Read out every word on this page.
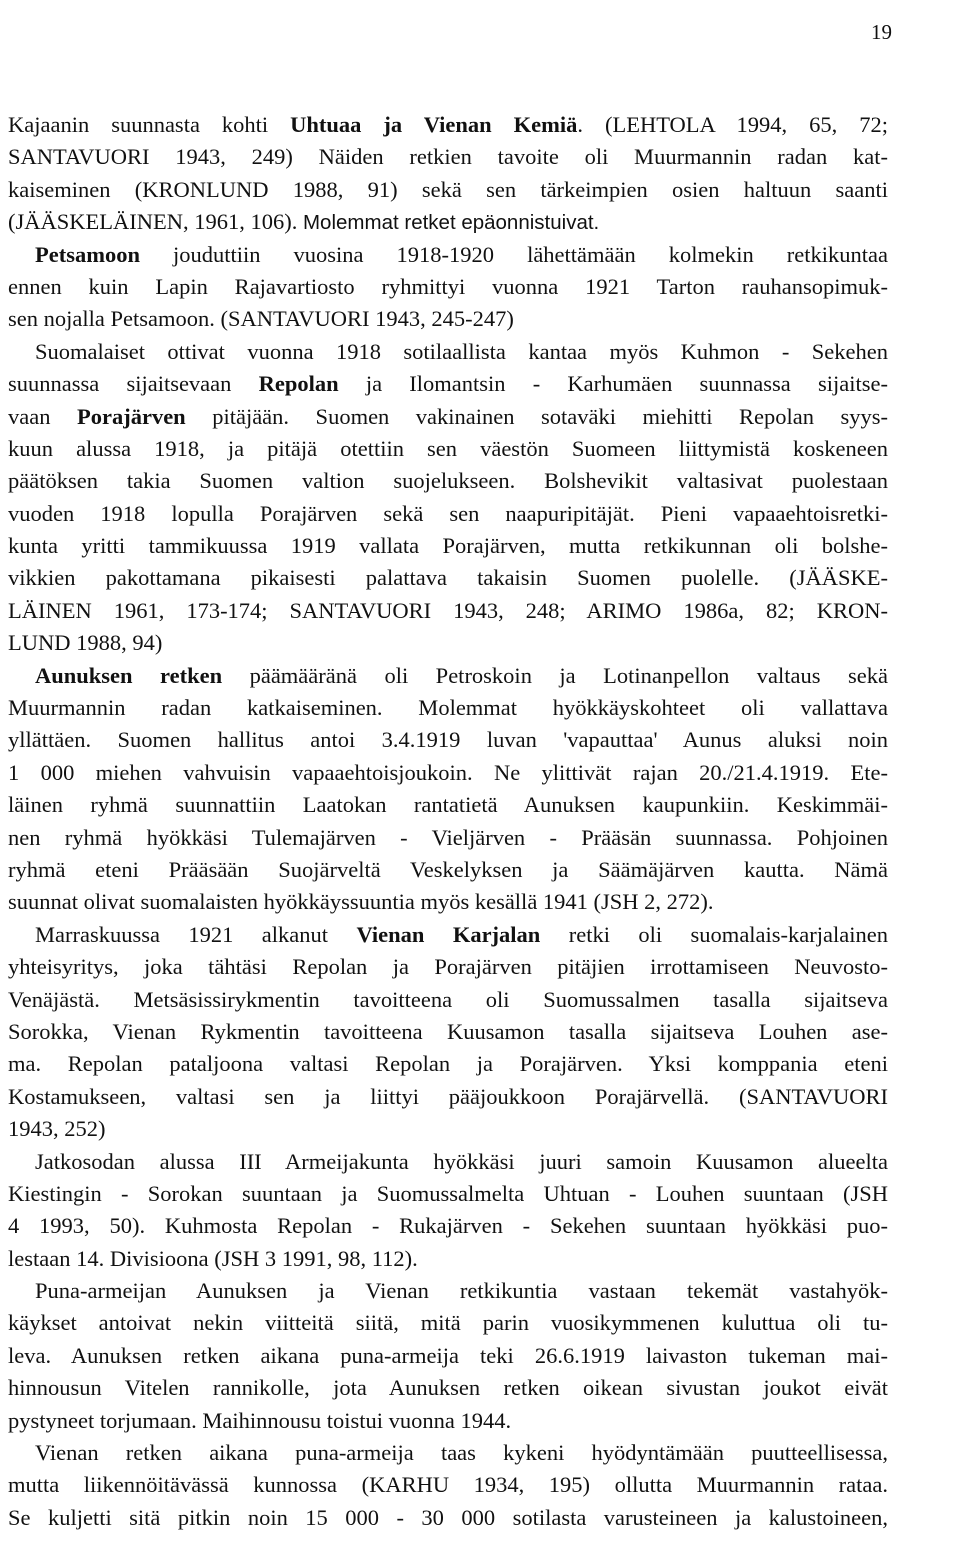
19
Kajaanin suunnasta kohti Uhtuaa ja Vienan Kemiä. (LEHTOLA 1994, 65, 72;
SANTAVUORI 1943, 249) Näiden retkien tavoite oli Muurmannin radan kat-
kaiseminen (KRONLUND 1988, 91) sekä sen tärkeimpien osien haltuun saanti
(JÄÄSKELÄINEN, 1961, 106). Molemmat retket epäonnistuivat.
Petsamoon jouduttiin vuosina 1918-1920 lähettämään kolmekin retkikuntaa
ennen kuin Lapin Rajavartiosto ryhmittyi vuonna 1921 Tarton rauhansopimuk-
sen nojalla Petsamoon. (SANTAVUORI 1943, 245-247)
Suomalaiset ottivat vuonna 1918 sotilaallista kantaa myös Kuhmon - Sekehen
suunnassa sijaitsevaan Repolan ja Ilomantsin - Karhumäen suunnassa sijaitse-
vaan Porajärven pitäjään. Suomen vakinainen sotaväki miehitti Repolan syys-
kuun alussa 1918, ja pitäjä otettiin sen väestön Suomeen liittymistä koskeneen
päätöksen takia Suomen valtion suojelukseen. Bolshevikit valtasivat puolestaan
vuoden 1918 lopulla Porajärven sekä sen naapuripitäjät. Pieni vapaaehtoisretki-
kunta yritti tammikuussa 1919 vallata Porajärven, mutta retkikunnan oli bolshe-
vikkien pakottamana pikaisesti palattava takaisin Suomen puolelle. (JÄÄSKE-
LÄINEN 1961, 173-174; SANTAVUORI 1943, 248; ARIMO 1986a, 82; KRON-
LUND 1988, 94)
Aunuksen retken päämääränä oli Petroskoin ja Lotinanpellon valtaus sekä
Muurmannin radan katkaiseminen. Molemmat hyökkäyskohteet oli vallattava
yllättäen. Suomen hallitus antoi 3.4.1919 luvan 'vapauttaa' Aunus aluksi noin
1 000 miehen vahvuisin vapaaehtoisjoukoin. Ne ylittivät rajan 20./21.4.1919. Ete-
läinen ryhmä suunnattiin Laatokan rantatietä Aunuksen kaupunkiin. Keskimmäi-
nen ryhmä hyökkäsi Tulemajärven - Vieljärven - Prääsän suunnassa. Pohjoinen
ryhmä eteni Prääsään Suojärveltä Veskelyksen ja Säämäjärven kautta. Nämä
suunnat olivat suomalaisten hyökkäyssuuntia myös kesällä 1941 (JSH 2, 272).
Marraskuussa 1921 alkanut Vienan Karjalan retki oli suomalais-karjalainen
yhteisyritys, joka tähtäsi Repolan ja Porajärven pitäjien irrottamiseen Neuvosto-
Venäjästä. Metsäsissirykmentin tavoitteena oli Suomussalmen tasalla sijaitseva
Sorokka, Vienan Rykmentin tavoitteena Kuusamon tasalla sijaitseva Louhen ase-
ma. Repolan pataljoona valtasi Repolan ja Porajärven. Yksi komppania eteni
Kostamukseen, valtasi sen ja liittyi pääjoukkoon Porajärvellä. (SANTAVUORI
1943, 252)
Jatkosodan alussa III Armeijakunta hyökkäsi juuri samoin Kuusamon alueelta
Kiestingin - Sorokan suuntaan ja Suomussalmelta Uhtuan - Louhen suuntaan (JSH
4 1993, 50). Kuhmosta Repolan - Rukajärven - Sekehen suuntaan hyökkäsi puo-
lestaan 14. Divisioona (JSH 3 1991, 98, 112).
Puna-armeijan Aunuksen ja Vienan retkikuntia vastaan tekemät vastahyök-
käykset antoivat nekin viitteitä siitä, mitä parin vuosikymmenen kuluttua oli tu-
leva. Aunuksen retken aikana puna-armeija teki 26.6.1919 laivaston tukeman mai-
hinnousun Vitelen rannikolle, jota Aunuksen retken oikean sivustan joukot eivät
pystyneet torjumaan. Maihinnousu toistui vuonna 1944.
Vienan retken aikana puna-armeija taas kykeni hyödyntämään puutteellisessa,
mutta liikennöitävässä kunnossa (KARHU 1934, 195) ollutta Muurmannin rataa.
Se kuljetti sitä pitkin noin 15 000 - 30 000 sotilasta varusteineen ja kalustoineen,
